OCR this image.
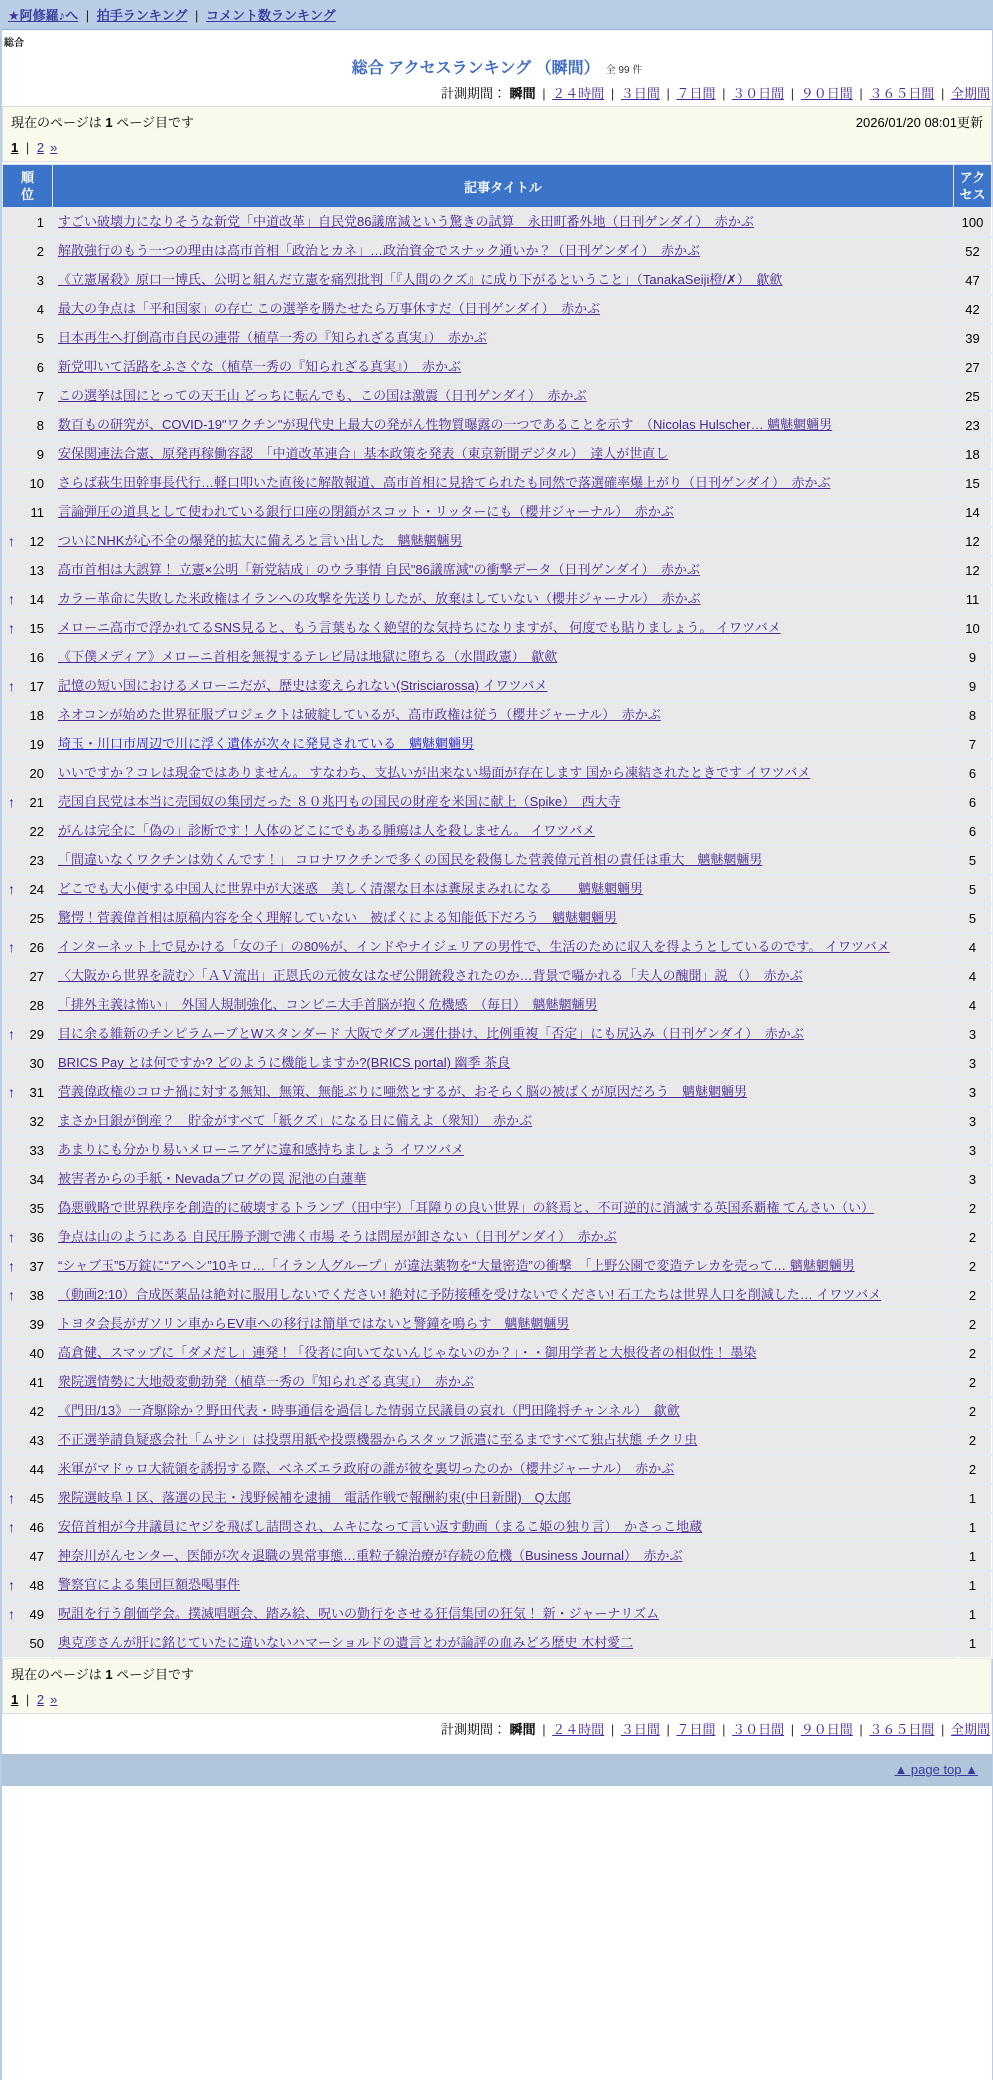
★阿修羅♪へ | 拍手ランキング | コメント数ランキング
総合
総合 アクセスランキング （瞬間） 全 99 件
計測期間： 瞬間 | ２４時間 | ３日間 | ７日間 | ３０日間 | ９０日間 | ３６５日間 | 全期間
現在のページは 1 ページ目です	2026/01/20 08:01更新
1 | 2 »
順位	記事タイトル	アクセス

1	すごい破壊力になりそうな新党「中道改革」自民党86議席減という驚きの試算　永田町番外地（日刊ゲンダイ）　赤かぶ	100

2	解散強行のもう一つの理由は高市首相「政治とカネ」…政治資金でスナック通いか？（日刊ゲンダイ）　赤かぶ	52

3	《立憲屠殺》原口一博氏、公明と組んだ立憲を痛烈批判「『人間のクズ』に成り下がるということ」（TanakaSeiji橙/✗）　歙歛	47

4	最大の争点は「平和国家」の存亡 この選挙を勝たせたら万事休すだ（日刊ゲンダイ）　赤かぶ	42

5	日本再生へ打倒高市自民の連帯（植草一秀の『知られざる真実』）　赤かぶ	39

6	新党叩いて活路をふさぐな（植草一秀の『知られざる真実』）　赤かぶ	27

7	この選挙は国にとっての天王山 どっちに転んでも、この国は激震（日刊ゲンダイ）　赤かぶ	25

8	数百もの研究が、COVID-19"ワクチン"が現代史上最大の発がん性物質曝露の一つであることを示す　（Nicolas Hulscher… 魑魅魍魎男	23

9	安保関連法合憲、原発再稼働容認　「中道改革連合」基本政策を発表（東京新聞デジタル）　達人が世直し	18

10	さらば萩生田幹事長代行…軽口叩いた直後に解散報道、高市首相に見捨てられたも同然で落選確率爆上がり（日刊ゲンダイ）　赤かぶ	15

11	言論弾圧の道具として使われている銀行口座の閉鎖がスコット・リッターにも（櫻井ジャーナル）　赤かぶ	14

↑ 12	ついにNHKが心不全の爆発的拡大に備えろと言い出した　魑魅魍魎男	12

13	高市首相は大誤算！ 立憲×公明「新党結成」のウラ事情 自民"86議席減"の衝撃データ（日刊ゲンダイ）　赤かぶ	12

↑ 14	カラー革命に失敗した米政権はイランへの攻撃を先送りしたが、放棄はしていない（櫻井ジャーナル）　赤かぶ	11

↑ 15	メローニ高市で浮かれてるSNS見ると、もう言葉もなく絶望的な気持ちになりますが、 何度でも貼りましょう。 イワツバメ	10

16	《下僕メディア》メローニ首相を無視するテレビ局は地獄に堕ちる（水間政憲）　歙歛	9

↑ 17	記憶の短い国におけるメローニだが、歴史は変えられない(Strisciarossa) イワツバメ	9

18	ネオコンが始めた世界征服プロジェクトは破綻しているが、高市政権は従う（櫻井ジャーナル）　赤かぶ	8

19	埼玉・川口市周辺で川に浮く遺体が次々に発見されている　魑魅魍魎男	7

20	いいですか？コレは現金ではありません。 すなわち、支払いが出来ない場面が存在します 国から凍結されたときです イワツバメ	6

↑ 21	売国自民党は本当に売国奴の集団だった ８０兆円もの国民の財産を米国に献上（Spike）　西大寺	6

22	がんは完全に「偽の」診断です！人体のどこにでもある腫瘍は人を殺しません。 イワツバメ	6

23	「間違いなくワクチンは効くんです！」 コロナワクチンで多くの国民を殺傷した菅義偉元首相の責任は重大　魑魅魍魎男	5

↑ 24	どこでも大小便する中国人に世界中が大迷惑　美しく清潔な日本は糞尿まみれになる　　魑魅魍魎男	5

25	驚愕！菅義偉首相は原稿内容を全く理解していない　被ばくによる知能低下だろう　魑魅魍魎男	5

↑ 26	インターネット上で見かける「女の子」の80%が、インドやナイジェリアの男性で、生活のために収入を得ようとしているのです。 イワツバメ	4

27	〈大阪から世界を読む〉「ＡＶ流出」正恩氏の元彼女はなぜ公開銃殺されたのか…背景で囁かれる「夫人の醜聞」説 （）　赤かぶ	4

28	「排外主義は怖い」　外国人規制強化、コンビニ大手首脳が抱く危機感　（毎日）　魑魅魍魎男	4

↑ 29	目に余る維新のチンピラムーブとWスタンダード 大阪でダブル選仕掛け、比例重複「否定」にも尻込み（日刊ゲンダイ）　赤かぶ	3

30	BRICS Pay とは何ですか? どのように機能しますか?(BRICS portal) 幽季 茶良	3

↑ 31	菅義偉政権のコロナ禍に対する無知、無策、無能ぶりに唖然とするが、おそらく脳の被ばくが原因だろう　魑魅魍魎男	3

32	まさか日銀が倒産？　貯金がすべて「紙クズ」になる日に備えよ（衆知）　赤かぶ	3

33	あまりにも分かり易いメローニアゲに違和感持ちましょう イワツバメ	3

34	被害者からの手紙・Nevadaブログの罠 泥池の白蓮華	3

35	偽悪戦略で世界秩序を創造的に破壊するトランプ（田中宇）「耳障りの良い世界」の終焉と、不可逆的に消滅する英国系覇権 てんさい（い）	2

↑ 36	争点は山のようにある 自民圧勝予測で沸く市場 そうは問屋が卸さない（日刊ゲンダイ）　赤かぶ	2

↑ 37	“シャブ玉”5万錠に“アヘン”10キロ…「イラン人グループ」が違法薬物を“大量密造”の衝撃　「上野公園で変造テレカを売って… 魑魅魍魎男	2

↑ 38	（動画2:10）合成医薬品は絶対に服用しないでください! 絶対に予防接種を受けないでください! 石工たちは世界人口を削減した… イワツバメ	2

39	トヨタ会長がガソリン車からEV車への移行は簡単ではないと警鐘を鳴らす　魑魅魍魎男	2

40	高倉健、スマップに「ダメだし」連発！「役者に向いてないんじゃないのか？」・・御用学者と大根役者の相似性！ 墨染	2

41	衆院選情勢に大地殻変動勃発（植草一秀の『知られざる真実』）　赤かぶ	2

42	《門田/13》一斉駆除か？野田代表・時事通信を過信した情弱立民議員の哀れ（門田隆将チャンネル）　歙歛	2

43	不正選挙請負疑惑会社「ムサシ」は投票用紙や投票機器からスタッフ派遣に至るまですべて独占状態 チクリ虫	2

44	米軍がマドゥロ大統領を誘拐する際、ベネズエラ政府の誰が彼を裏切ったのか（櫻井ジャーナル）　赤かぶ	2

↑ 45	衆院選岐阜１区、落選の民主・浅野候補を逮捕　電話作戦で報酬約束(中日新聞)　Q太郎	1

↑ 46	安倍首相が今井議員にヤジを飛ばし詰問され、ムキになって言い返す動画（まるこ姫の独り言）　かさっこ地蔵	1

47	神奈川がんセンター、医師が次々退職の異常事態…重粒子線治療が存続の危機（Business Journal）　赤かぶ	1

↑ 48	警察官による集団巨額恐喝事件	1

↑ 49	呪詛を行う創価学会。撲滅唱題会、踏み絵、呪いの勤行をさせる狂信集団の狂気！ 新・ジャーナリズム	1

50	奥克彦さんが肝に銘じていたに違いないハマーショルドの遺言とわが論評の血みどろ歴史 木村愛二	1
現在のページは 1 ページ目です
1 | 2 »
計測期間： 瞬間 | ２４時間 | ３日間 | ７日間 | ３０日間 | ９０日間 | ３６５日間 | 全期間
▲ page top ▲
